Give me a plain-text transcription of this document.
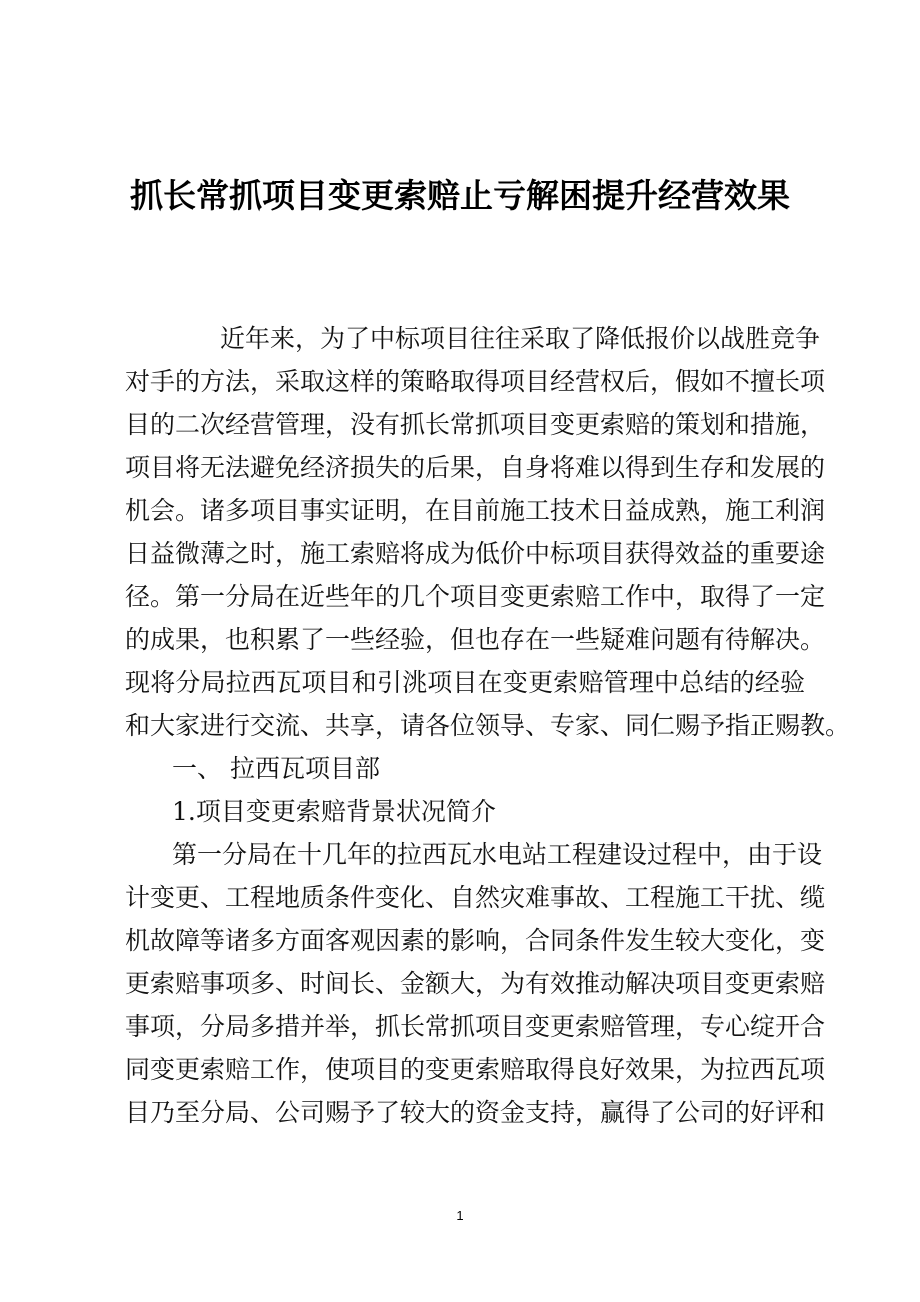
抓长常抓项目变更索赔止亏解困提升经营效果
近年来，为了中标项目往往采取了降低报价以战胜竞争
对手的方法，采取这样的策略取得项目经营权后，假如不擅长项
目的二次经营管理，没有抓长常抓项目变更索赔的策划和措施，
项目将无法避免经济损失的后果，自身将难以得到生存和发展的
机会。诸多项目事实证明，在目前施工技术日益成熟，施工利润
日益微薄之时，施工索赔将成为低价中标项目获得效益的重要途
径。第一分局在近些年的几个项目变更索赔工作中，取得了一定
的成果，也积累了一些经验，但也存在一些疑难问题有待解决。
现将分局拉西瓦项目和引洮项目在变更索赔管理中总结的经验
和大家进行交流、共享，请各位领导、专家、同仁赐予指正赐教。
一、 拉西瓦项目部
1.项目变更索赔背景状况简介
第一分局在十几年的拉西瓦水电站工程建设过程中，由于设
计变更、工程地质条件变化、自然灾难事故、工程施工干扰、缆
机故障等诸多方面客观因素的影响，合同条件发生较大变化，变
更索赔事项多、时间长、金额大，为有效推动解决项目变更索赔
事项，分局多措并举，抓长常抓项目变更索赔管理，专心绽开合
同变更索赔工作，使项目的变更索赔取得良好效果，为拉西瓦项
目乃至分局、公司赐予了较大的资金支持，赢得了公司的好评和
1
